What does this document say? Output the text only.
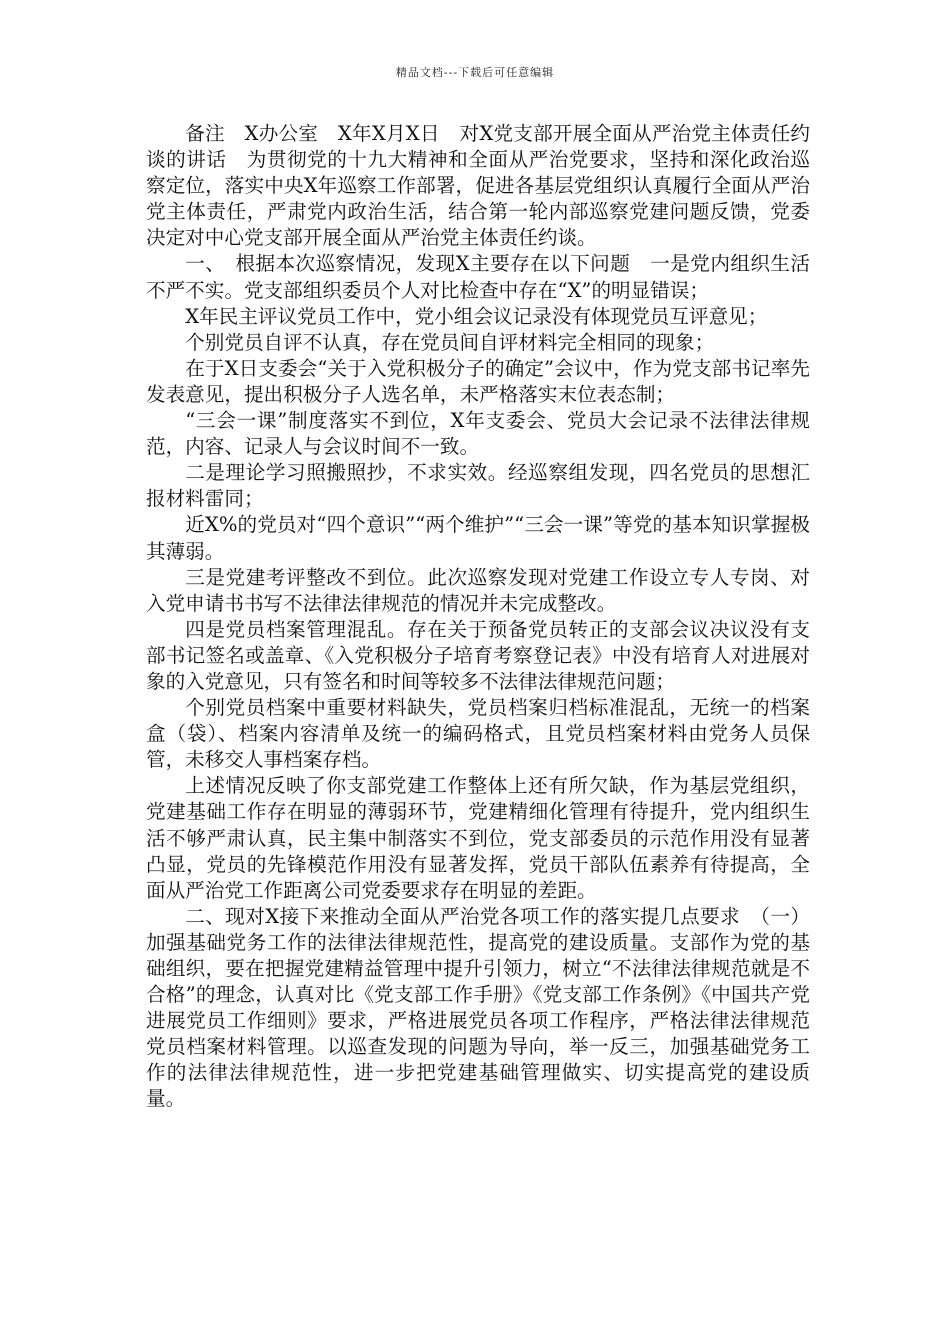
精品文档---下载后可任意编辑

备注　X办公室　X年X月X日　对X党支部开展全面从严治党主体责任约谈的讲话　为贯彻党的十九大精神和全面从严治党要求，坚持和深化政治巡察定位，落实中央X年巡察工作部署，促进各基层党组织认真履行全面从严治党主体责任，严肃党内政治生活，结合第一轮内部巡察党建问题反馈，党委决定对中心党支部开展全面从严治党主体责任约谈。

一、　根据本次巡察情况，发现X主要存在以下问题　一是党内组织生活不严不实。党支部组织委员个人对比检查中存在“X”的明显错误；

X年民主评议党员工作中，党小组会议记录没有体现党员互评意见；

个别党员自评不认真，存在党员间自评材料完全相同的现象；

在于X日支委会“关于入党积极分子的确定”会议中，作为党支部书记率先发表意见，提出积极分子人选名单，未严格落实末位表态制；

“三会一课”制度落实不到位，X年支委会、党员大会记录不法律法律规范，内容、记录人与会议时间不一致。

二是理论学习照搬照抄，不求实效。经巡察组发现，四名党员的思想汇报材料雷同；

近X%的党员对“四个意识”“两个维护”“三会一课”等党的基本知识掌握极其薄弱。

三是党建考评整改不到位。此次巡察发现对党建工作设立专人专岗、对入党申请书书写不法律法律规范的情况并未完成整改。

四是党员档案管理混乱。存在关于预备党员转正的支部会议决议没有支部书记签名或盖章、《入党积极分子培育考察登记表》中没有培育人对进展对象的入党意见，只有签名和时间等较多不法律法律规范问题；

个别党员档案中重要材料缺失，党员档案归档标准混乱，无统一的档案盒（袋）、档案内容清单及统一的编码格式，且党员档案材料由党务人员保管，未移交人事档案存档。

上述情况反映了你支部党建工作整体上还有所欠缺，作为基层党组织，党建基础工作存在明显的薄弱环节，党建精细化管理有待提升，党内组织生活不够严肃认真，民主集中制落实不到位，党支部委员的示范作用没有显著凸显，党员的先锋模范作用没有显著发挥，党员干部队伍素养有待提高，全面从严治党工作距离公司党委要求存在明显的差距。

二、现对X接下来推动全面从严治党各项工作的落实提几点要求　（一）加强基础党务工作的法律法律规范性，提高党的建设质量。支部作为党的基础组织，要在把握党建精益管理中提升引领力，树立“不法律法律规范就是不合格”的理念，认真对比《党支部工作手册》《党支部工作条例》《中国共产党进展党员工作细则》要求，严格进展党员各项工作程序，严格法律法律规范党员档案材料管理。以巡查发现的问题为导向，举一反三，加强基础党务工作的法律法律规范性，进一步把党建基础管理做实、切实提高党的建设质量。
